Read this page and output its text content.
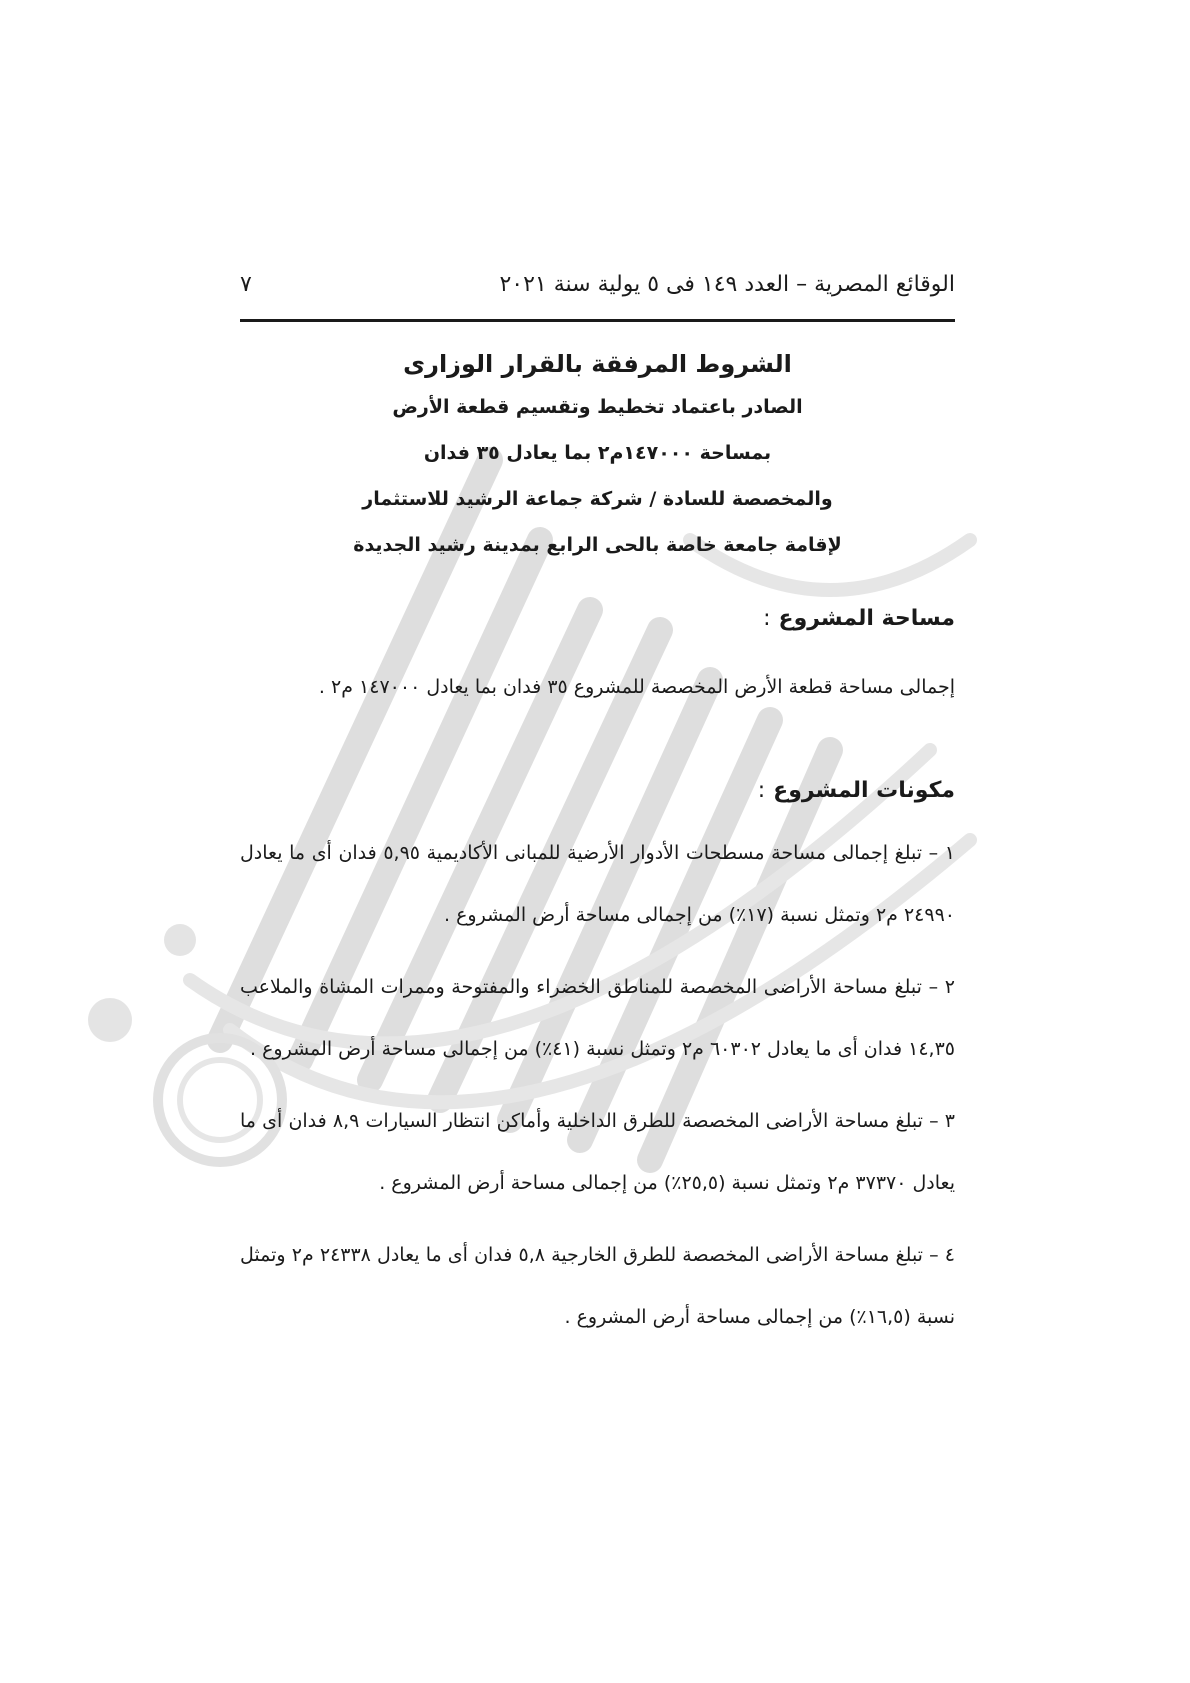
الوقائع المصرية – العدد ١٤٩ فى ٥ يولية سنة ٢٠٢١
٧
الشروط المرفقة بالقرار الوزارى
الصادر باعتماد تخطيط وتقسيم قطعة الأرض
بمساحة ١٤٧٠٠٠م٢ بما يعادل ٣٥ فدان
والمخصصة للسادة / شركة جماعة الرشيد للاستثمار
لإقامة جامعة خاصة بالحى الرابع بمدينة رشيد الجديدة
مساحة المشروع:

إجمالى مساحة قطعة الأرض المخصصة للمشروع ٣٥ فدان بما يعادل ١٤٧٠٠٠ م٢ .

مكونات المشروع:

١ – تبلغ إجمالى مساحة مسطحات الأدوار الأرضية للمبانى الأكاديمية ٥,٩٥ فدان أى ما يعادل ٢٤٩٩٠ م٢ وتمثل نسبة (١٧٪) من إجمالى مساحة أرض المشروع .

٢ – تبلغ مساحة الأراضى المخصصة للمناطق الخضراء والمفتوحة وممرات المشاة والملاعب ١٤,٣٥ فدان أى ما يعادل ٦٠٣٠٢ م٢ وتمثل نسبة (٤١٪) من إجمالى مساحة أرض المشروع .

٣ – تبلغ مساحة الأراضى المخصصة للطرق الداخلية وأماكن انتظار السيارات ٨,٩ فدان أى ما يعادل ٣٧٣٧٠ م٢ وتمثل نسبة (٢٥,٥٪) من إجمالى مساحة أرض المشروع .

٤ – تبلغ مساحة الأراضى المخصصة للطرق الخارجية ٥,٨ فدان أى ما يعادل ٢٤٣٣٨ م٢ وتمثل نسبة (١٦,٥٪) من إجمالى مساحة أرض المشروع .
